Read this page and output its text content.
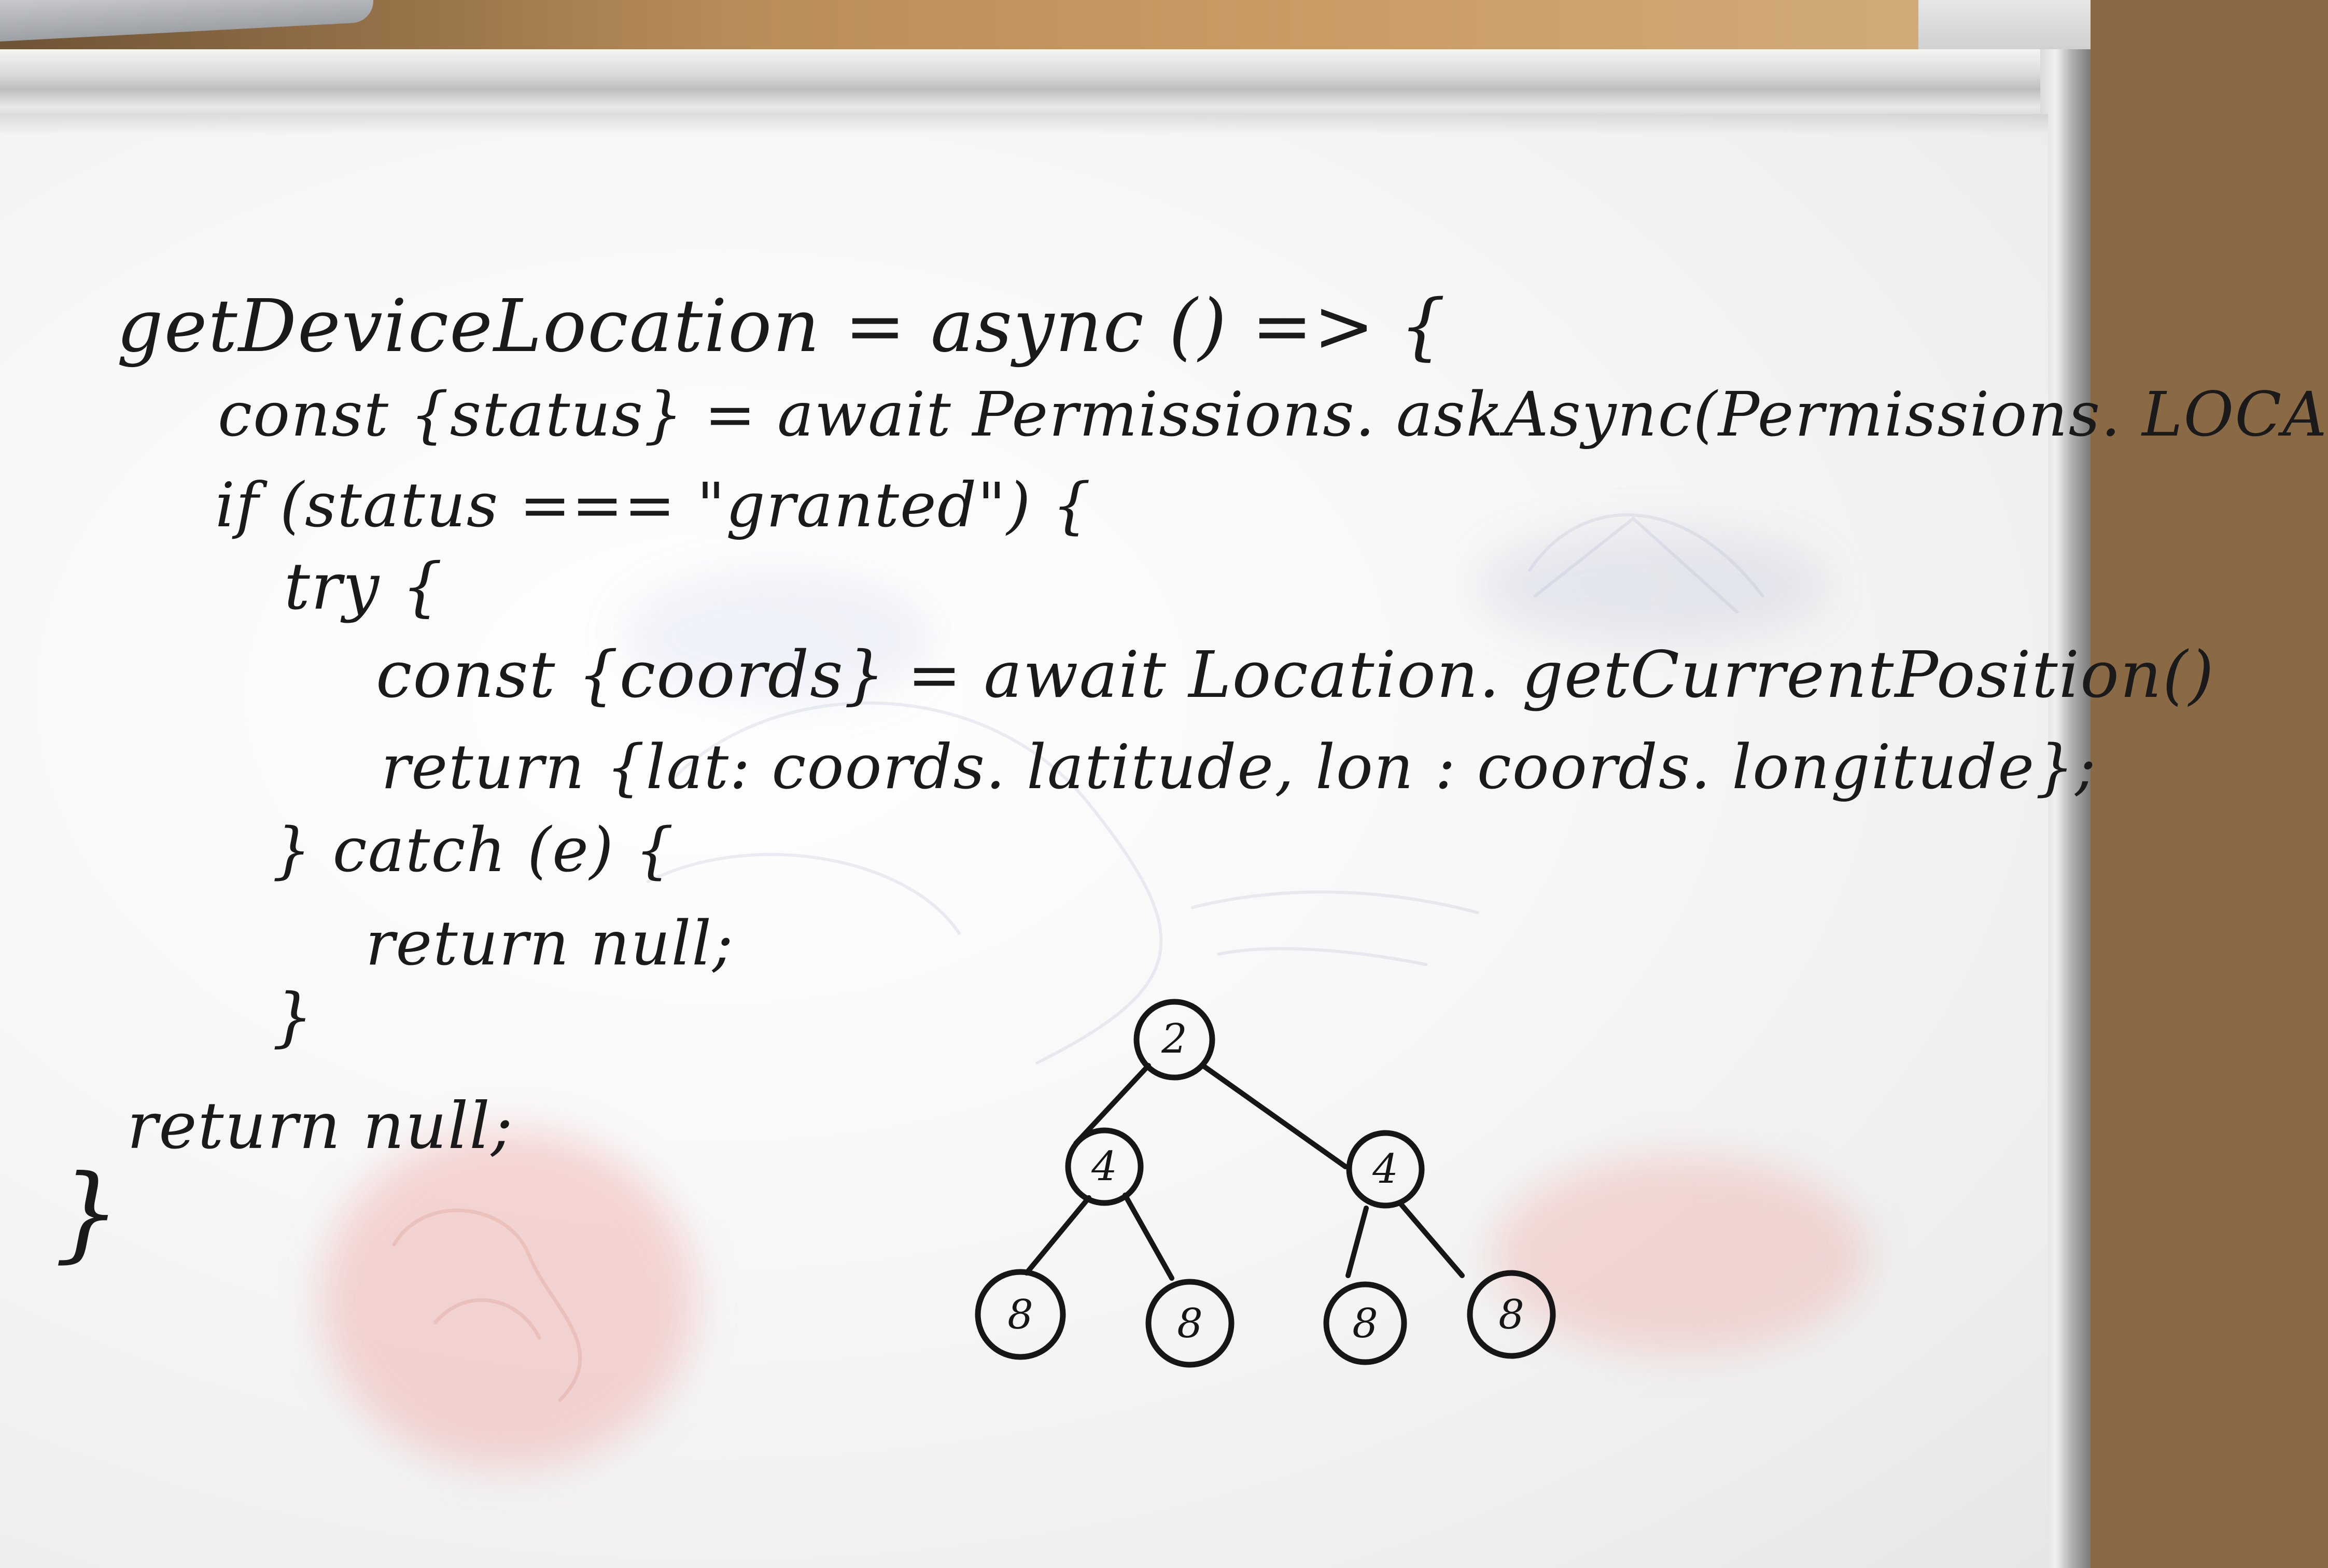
getDeviceLocation = async () => {

const {status} = await Permissions. askAsync(Permissions. LOCA

if (status === "granted") {

try {

const {coords} = await Location. getCurrentPosition()

return {lat: coords. latitude, lon : coords. longitude};

} catch (e) {

return null;

}

return null;

}

2
4	4
8	8	8	8
